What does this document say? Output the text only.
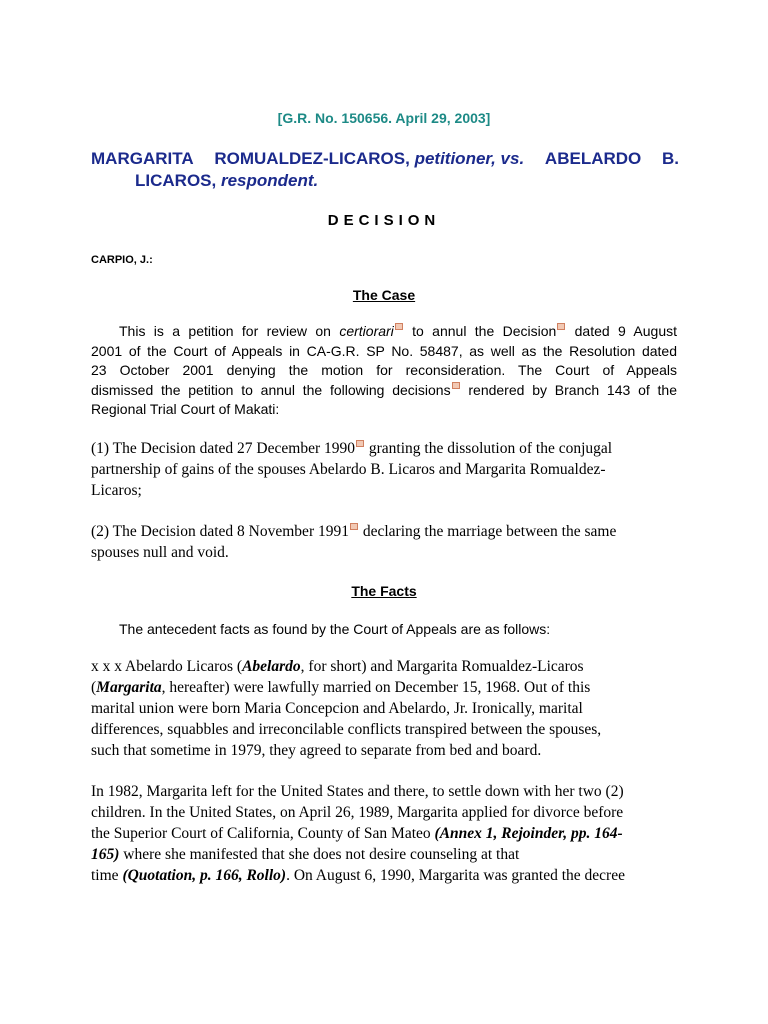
[G.R. No. 150656. April 29, 2003]
MARGARITA ROMUALDEZ-LICAROS, petitioner, vs. ABELARDO B.
LICAROS, respondent.
DECISION
CARPIO, J.:
The Case
This is a petition for review on certiorari to annul the Decision dated 9 August
2001 of the Court of Appeals in CA-G.R. SP No. 58487, as well as the Resolution dated
23 October 2001 denying the motion for reconsideration. The Court of Appeals
dismissed the petition to annul the following decisions rendered by Branch 143 of the
Regional Trial Court of Makati:
(1) The Decision dated 27 December 1990 granting the dissolution of the conjugal
partnership of gains of the spouses Abelardo B. Licaros and Margarita Romualdez-
Licaros;
(2) The Decision dated 8 November 1991 declaring the marriage between the same
spouses null and void.
The Facts
The antecedent facts as found by the Court of Appeals are as follows:
x x x Abelardo Licaros (Abelardo, for short) and Margarita Romualdez-Licaros
(Margarita, hereafter) were lawfully married on December 15, 1968. Out of this
marital union were born Maria Concepcion and Abelardo, Jr. Ironically, marital
differences, squabbles and irreconcilable conflicts transpired between the spouses,
such that sometime in 1979, they agreed to separate from bed and board.
In 1982, Margarita left for the United States and there, to settle down with her two (2)
children. In the United States, on April 26, 1989, Margarita applied for divorce before
the Superior Court of California, County of San Mateo (Annex 1, Rejoinder, pp. 164-
165) where she manifested that she does not desire counseling at that
time (Quotation, p. 166, Rollo). On August 6, 1990, Margarita was granted the decree
